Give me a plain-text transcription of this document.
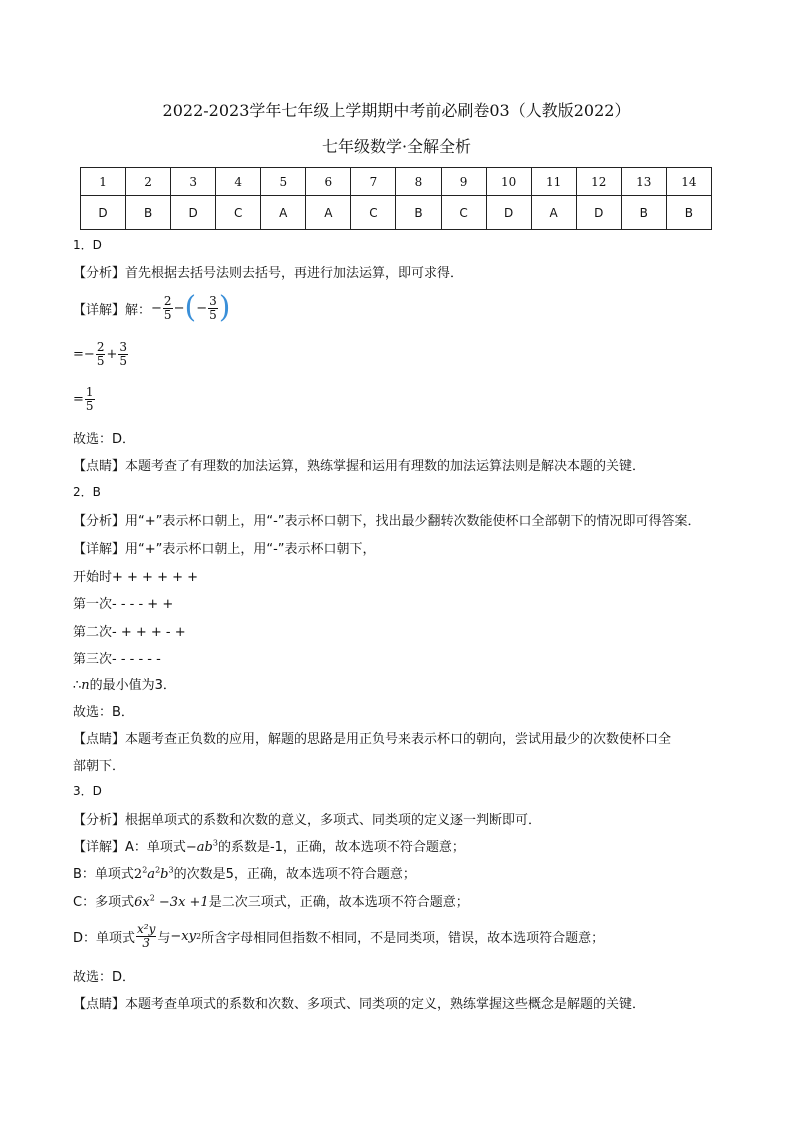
2022-2023学年七年级上学期期中考前必刷卷03（人教版2022）
七年级数学·全解全析
1	2	3	4	5	6	7	8	9	10	11	12	13	14
D	B	D	C	A	A	C	B	C	D	A	D	B	B
1．D
【分析】首先根据去括号法则去括号，再进行加法运算，即可求得．
【详解】解： − $\frac{2}{5}$ − ( − $\frac{3}{5}$ )
= − $\frac{2}{5} + \frac{3}{5}$
= $\frac{1}{5}$
故选：D．
【点睛】本题考查了有理数的加法运算，熟练掌握和运用有理数的加法运算法则是解决本题的关键．
2．B
【分析】用“+”表示杯口朝上，用“-”表示杯口朝下，找出最少翻转次数能使杯口全部朝下的情况即可得答案．
【详解】用“+”表示杯口朝上，用“-”表示杯口朝下，
开始时+ + + + + +
第一次- - - - + +
第二次- + + + - +
第三次- - - - - -
∴n的最小值为3．
故选：B．
【点睛】本题考查正负数的应用，解题的思路是用正负号来表示杯口的朝向，尝试用最少的次数使杯口全
部朝下．
3．D
【分析】根据单项式的系数和次数的意义，多项式、同类项的定义逐一判断即可．
【详解】A：单项式$-ab^3$的系数是-1，正确，故本选项不符合题意；
B：单项式$2^2a^2b^3$的次数是5，正确，故本选项不符合题意；
C：多项式$6x^2 -3x +1$是二次三项式，正确，故本选项不符合题意；
D：单项式 $\frac{\text{x²y}}{3}$ 与 −xy 2 所含字母相同但指数不相同，不是同类项，错误，故本选项符合题意；
故选：D．
【点睛】本题考查单项式的系数和次数、多项式、同类项的定义，熟练掌握这些概念是解题的关键．
